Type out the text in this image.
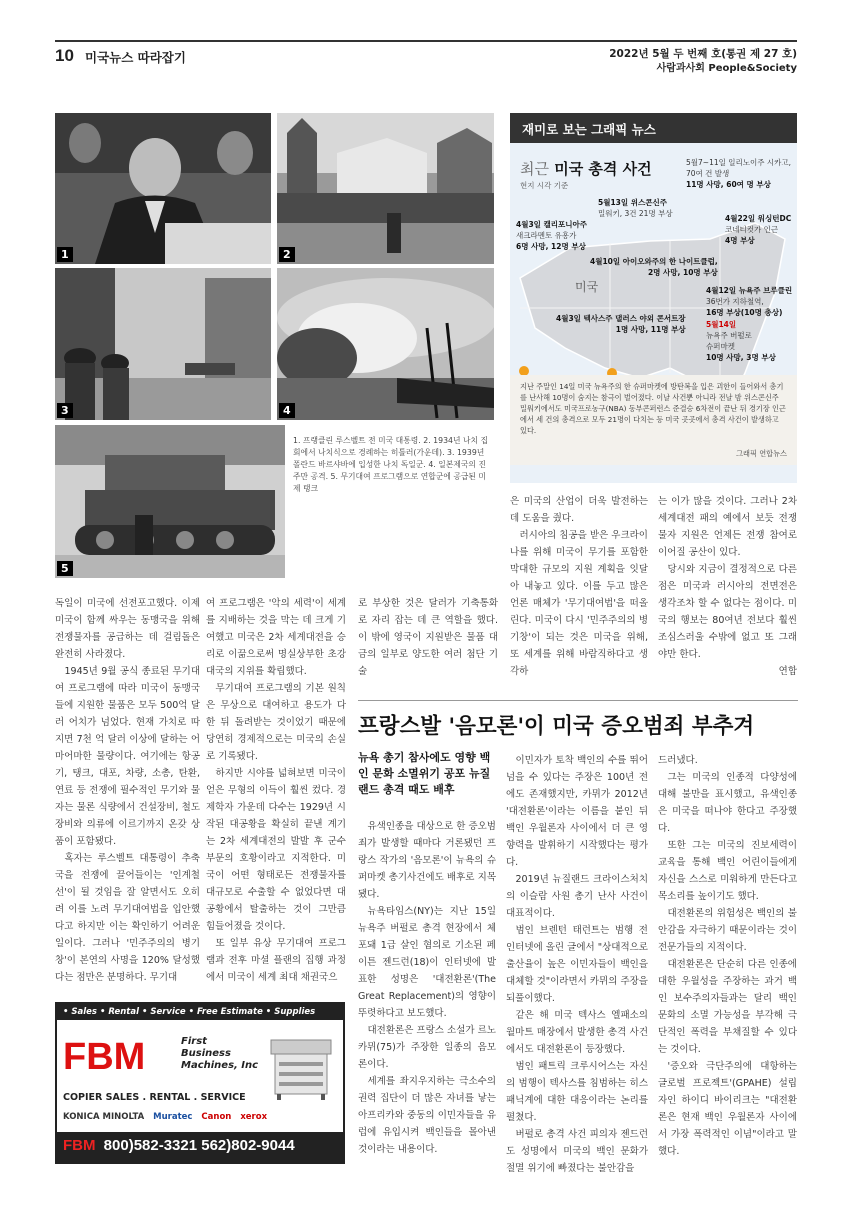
10 미국뉴스 따라잡기	2022년 5월 두 번째 호(통권 제 27 호)
사람과사회 People&Society
1	2
3	4
5
1. 프랭클린 루스벨트 전 미국 대통령. 2. 1934년 나치 집회에서 나치식으로 경례하는 히틀러(가운데). 3. 1939년 폴란드 바르샤바에 입성한 나치 독일군. 4. 일본제국의 진주만 공격. 5. 무기대여 프로그램으로 연합군에 공급된 미제 탱크
재미로 보는 그래픽 뉴스
최근 미국 총격 사건
현지 시각 기준
5월7~11일 일리노이주 시카고,
70여 건 발생
11명 사망, 60여 명 부상
5월13일 위스콘신주
밀워키, 3건 21명 부상
4월3일 캘리포니아주
새크라멘토 유흥가
6명 사망, 12명 부상
4월22일 워싱턴DC
코네티컷가 인근
4명 부상
4월10일 아이오와주의 한 나이트클럽,
2명 사망, 10명 부상
4월12일 뉴욕주 브루클린
36번가 지하철역,
16명 부상(10명 총상)
4월3일 텍사스주 댈러스 야외 콘서트장
1명 사망, 11명 부상
5월14일
뉴욕주 버펄로
슈퍼마켓
10명 사망, 3명 부상
미국
지난 주말인 14일 미국 뉴욕주의 한 슈퍼마켓에 방탄복을 입은 괴한이 들어와서 총기를 난사해 10명이 숨지는 참극이 벌어졌다. 이날 사건뿐 아니라 전날 밤 위스콘신주 밀워키에서도 미국프로농구(NBA) 동부콘퍼런스 준결승 6차전이 끝난 뒤 경기장 인근에서 세 건의 총격으로 모두 21명이 다치는 등 미국 곳곳에서 총격 사건이 발생하고 있다.
그래픽 연합뉴스

독일이 미국에 선전포고했다. 이제 미국이 함께 싸우는 동맹국을 위해 전쟁물자를 공급하는 데 걸림돌은 완전히 사라졌다.

1945년 9월 공식 종료된 무기대여 프로그램에 따라 미국이 동맹국들에 지원한 물품은 모두 500억 달러 어치가 넘었다. 현재 가치로 따지면 7천 억 달러 이상에 달하는 어마어마한 물량이다. 여기에는 항공기, 탱크, 대포, 차량, 소총, 탄환, 연료 등 전쟁에 필수적인 무기와 물자는 물론 식량에서 건설장비, 철도장비와 의류에 이르기까지 온갖 상품이 포함됐다.

혹자는 루스벨트 대통령이 추축국을 전쟁에 끌어들이는 '인계철선'이 될 것임을 잘 알면서도 오히려 이를 노려 무기대여법을 입안했다고 하지만 이는 확인하기 어려운 일이다. 그러나 '민주주의의 병기창'이 본연의 사명을 120% 달성했다는 점만은 분명하다. 무기대

여 프로그램은 '악의 세력'이 세계를 지배하는 것을 막는 데 크게 기여했고 미국은 2차 세계대전을 승리로 이끎으로써 명실상부한 초강대국의 지위를 확립했다.

무기대여 프로그램의 기본 원칙은 무상으로 대여하고 용도가 다한 뒤 돌려받는 것이었기 때문에 당연히 경제적으로는 미국의 손실로 기록됐다.

하지만 시야를 넓혀보면 미국이 얻은 무형의 이득이 훨씬 컸다. 경제학자 가운데 다수는 1929년 시작된 대공황을 확실히 끝낸 계기는 2차 세계대전의 발발 후 군수부문의 호황이라고 지적한다. 미국이 어떤 형태로든 전쟁물자를 대규모로 수출할 수 없었다면 대공황에서 탈출하는 것이 그만큼 힘들어졌을 것이다.

또 일부 유상 무기대여 프로그램과 전후 마셜 플랜의 집행 과정에서 미국이 세계 최대 채권국으

로 부상한 것은 달러가 기축통화로 자리 잡는 데 큰 역할을 했다. 이 밖에 영국이 지원받은 물품 대금의 일부로 양도한 여러 첨단 기술

은 미국의 산업이 더욱 발전하는 데 도움을 줬다.

러시아의 침공을 받은 우크라이나를 위해 미국이 무기를 포함한 막대한 규모의 지원 계획을 잇달아 내놓고 있다. 이를 두고 많은 언론 매체가 '무기대여법'을 떠올린다. 미국이 다시 '민주주의의 병기창'이 되는 것은 미국을 위해, 또 세계를 위해 바람직하다고 생각하

는 이가 많을 것이다. 그러나 2차 세계대전 패의 예에서 보듯 전쟁물자 지원은 언제든 전쟁 참여로 이어질 공산이 있다.

당시와 지금이 결정적으로 다른 점은 미국과 러시아의 전면전은 생각조차 할 수 없다는 점이다. 미국의 행보는 80여년 전보다 훨씬 조심스러울 수밖에 없고 또 그래야만 한다.

연합
프랑스발 '음모론'이 미국 증오범죄 부추겨
뉴욕 총기 참사에도 영향 백인 문화 소멸위기 공포 뉴질랜드 총격 때도 배후

유색인종을 대상으로 한 증오범죄가 발생할 때마다 거론됐던 프랑스 작가의 '음모론'이 뉴욕의 슈퍼마켓 총기사건에도 배후로 지목됐다.

뉴욕타임스(NY)는 지난 15일 뉴욕주 버펄로 총격 현장에서 체포돼 1급 살인 혐의로 기소된 페이튼 젠드런(18)이 인터넷에 발표한 성명은 '대전환론'(The Great Replacement)의 영향이 뚜렷하다고 보도했다.

대전환론은 프랑스 소설가 르노 카뮈(75)가 주장한 일종의 음모론이다.

세계를 좌지우지하는 극소수의 권력 집단이 더 많은 자녀를 낳는 아프리카와 중동의 이민자들을 유럽에 유입시켜 백인들을 몰아낸 것이라는 내용이다.

이민자가 토착 백인의 수를 뛰어넘을 수 있다는 주장은 100년 전에도 존재했지만, 카뮈가 2012년 '대전환론'이라는 이름을 붙인 뒤 백인 우월론자 사이에서 더 큰 영향력을 발휘하기 시작했다는 평가다.

2019년 뉴질랜드 크라이스처치의 이슬람 사원 총기 난사 사건이 대표적이다.

범인 브렌턴 태런트는 범행 전 인터넷에 올린 글에서 "상대적으로 출산율이 높은 이민자들이 백인을 대체할 것"이라면서 카뮈의 주장을 되풀이했다.

같은 해 미국 텍사스 엘패소의 월마트 매장에서 발생한 총격 사건에서도 대전환론이 등장했다.

범인 패트릭 크루시어스는 자신의 범행이 텍사스를 침범하는 히스패닉계에 대한 대응이라는 논리를 펼쳤다.

버펄로 총격 사건 피의자 젠드런도 성명에서 미국의 백인 문화가 절멸 위기에 빠졌다는 불안감을

드러냈다.

그는 미국의 인종적 다양성에 대해 불만을 표시했고, 유색인종은 미국을 떠나야 한다고 주장했다.

또한 그는 미국의 진보세력이 교육을 통해 백인 어린이들에게 자신을 스스로 미워하게 만든다고 목소리를 높이기도 했다.

대전환론의 위험성은 백인의 불안감을 자극하기 때문이라는 것이 전문가들의 지적이다.

대전환론은 단순히 다른 인종에 대한 우월성을 주장하는 과거 백인 보수주의자들과는 달리 백인 문화의 소멸 가능성을 부각해 극단적인 폭력을 부채질할 수 있다는 것이다.

'증오와 극단주의에 대항하는 글로벌 프로젝트'(GPAHE) 설립자인 하이디 바이리크는 "대전환론은 현재 백인 우월론자 사이에서 가장 폭력적인 이념"이라고 말했다.

• Sales • Rental • Service • Free Estimate • Supplies
FBM	First
Business
Machines, Inc
COPIER SALES . RENTAL . SERVICE
KONICA MINOLTA Muratec Canon xerox
FBM 800)582-3321 562)802-9044
